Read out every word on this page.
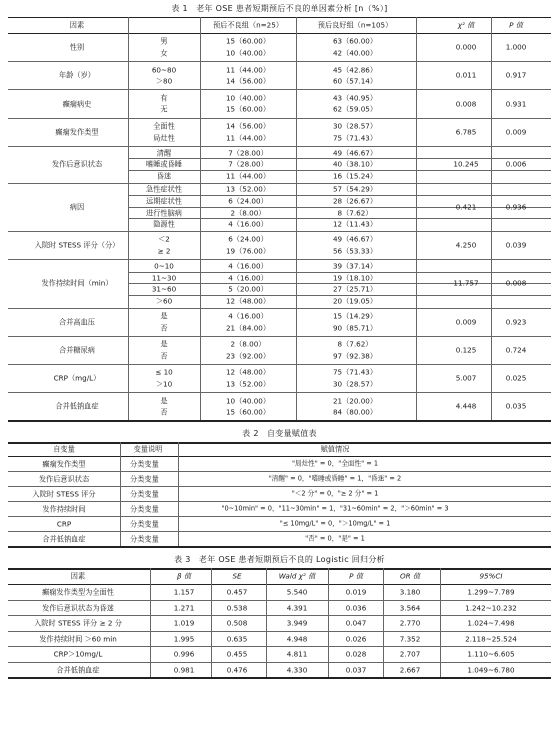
表 1　老年 OSE 患者短期预后不良的单因素分析 [n（%）]
因素	预后不良组（n=25）	预后良好组（n=105）	χ² 值	P 值
性别
男	15（60.00）	63（60.00）
女	10（40.00）	42（40.00）
0.000	1.000
年龄（岁）
60~80	11（44.00）	45（42.86）
＞80	14（56.00）	60（57.14）
0.011	0.917
癫痫病史
有	10（40.00）	43（40.95）
无	15（60.00）	62（59.05）
0.008	0.931
癫痫发作类型
全面性	14（56.00）	30（28.57）
局灶性	11（44.00）	75（71.43）
6.785	0.009
发作后意识状态
清醒	7（28.00）	49（46.67）
嗜睡或昏睡	7（28.00）	40（38.10）
昏迷	11（44.00）	16（15.24）
10.245	0.006
病因
急性症状性	13（52.00）	57（54.29）
远期症状性	6（24.00）	28（26.67）
进行性脑病	2（8.00）	8（7.62）
隐源性	4（16.00）	12（11.43）
0.421	0.936
入院时 STESS 评分（分）
＜2	6（24.00）	49（46.67）
≥ 2	19（76.00）	56（53.33）
4.250	0.039
发作持续时间（min）
0~10	4（16.00）	39（37.14）
11~30	4（16.00）	19（18.10）
31~60	5（20.00）	27（25.71）
＞60	12（48.00）	20（19.05）
11.757	0.008
合并高血压
是	4（16.00）	15（14.29）
否	21（84.00）	90（85.71）
0.009	0.923
合并糖尿病
是	2（8.00）	8（7.62）
否	23（92.00）	97（92.38）
0.125	0.724
CRP（mg/L）
≤ 10	12（48.00）	75（71.43）
＞10	13（52.00）	30（28.57）
5.007	0.025
合并低钠血症
是	10（40.00）	21（20.00）
否	15（60.00）	84（80.00）
4.448	0.035
表 2　自变量赋值表
自变量	变量说明	赋值情况
癫痫发作类型	分类变量	"局灶性" = 0，"全面性" = 1
发作后意识状态	分类变量	"清醒" = 0，"嗜睡或昏睡" = 1，"昏迷" = 2
入院时 STESS 评分	分类变量	"＜2 分" = 0，"≥ 2 分" = 1
发作持续时间	分类变量	"0~10min" = 0，"11~30min" = 1，"31~60min" = 2，"＞60min" = 3
CRP	分类变量	"≤ 10mg/L" = 0，"＞10mg/L" = 1
合并低钠血症	分类变量	"否" = 0，"是" = 1
表 3　老年 OSE 患者短期预后不良的 Logistic 回归分析
因素	β 值	SE	Wald χ² 值	P 值	OR 值	95%CI
癫痫发作类型为全面性	1.157	0.457	5.540	0.019	3.180	1.299~7.789
发作后意识状态为昏迷	1.271	0.538	4.391	0.036	3.564	1.242~10.232
入院时 STESS 评分 ≥ 2 分	1.019	0.508	3.949	0.047	2.770	1.024~7.498
发作持续时间 ＞60 min	1.995	0.635	4.948	0.026	7.352	2.118~25.524
CRP＞10mg/L	0.996	0.455	4.811	0.028	2.707	1.110~6.605
合并低钠血症	0.981	0.476	4.330	0.037	2.667	1.049~6.780
